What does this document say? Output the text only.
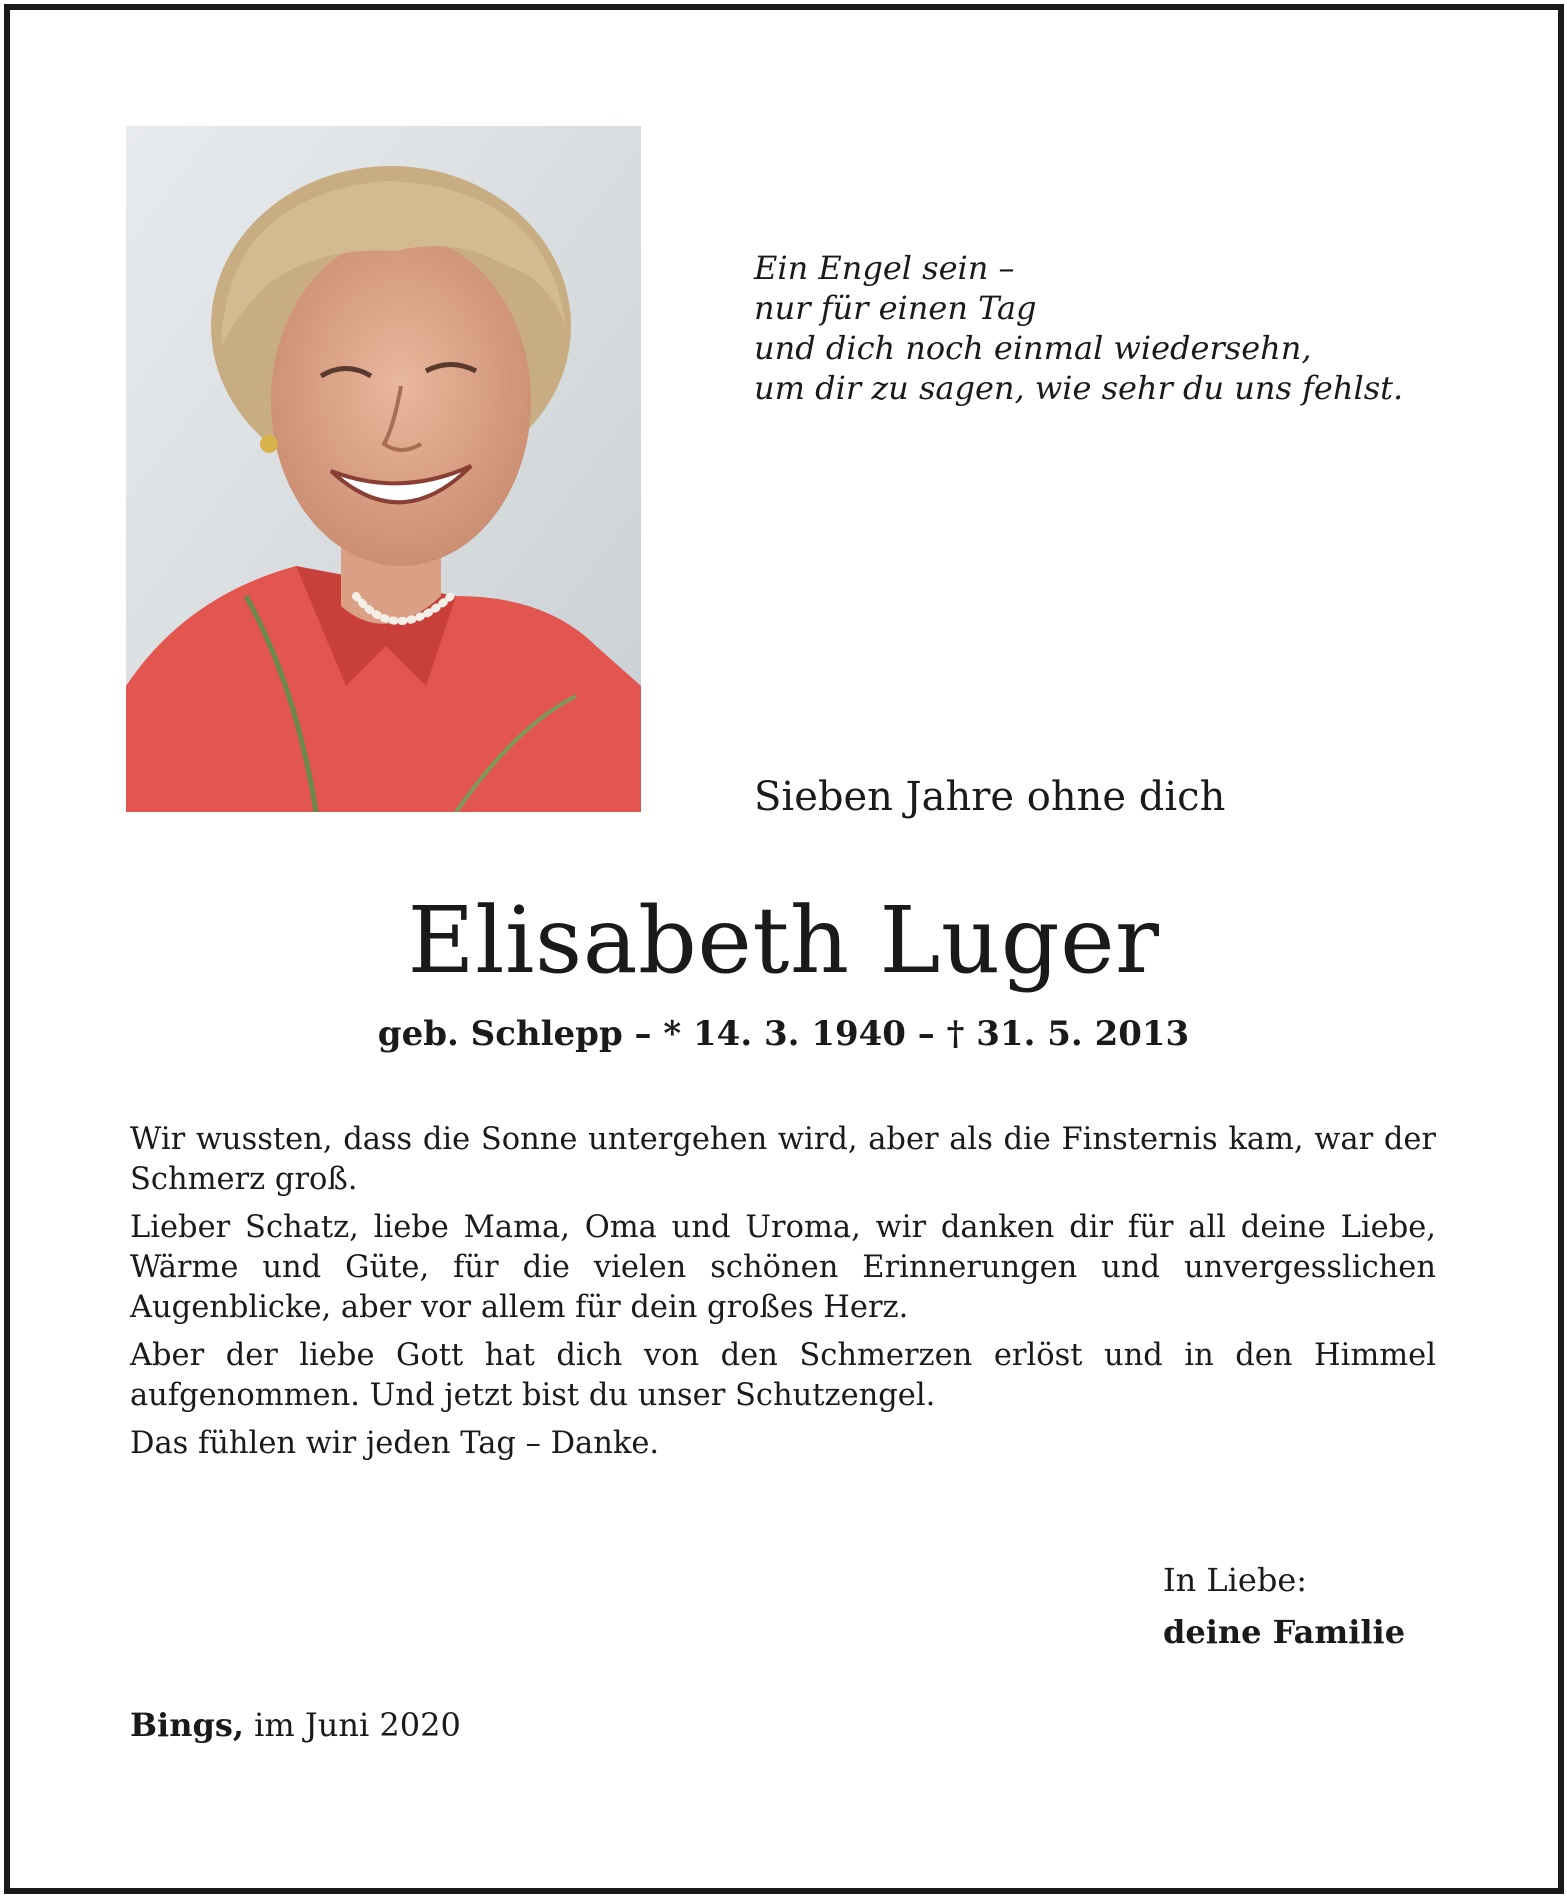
Ein Engel sein –
nur für einen Tag
und dich noch einmal wiedersehn,
um dir zu sagen, wie sehr du uns fehlst.
Sieben Jahre ohne dich
Elisabeth Luger
geb. Schlepp – * 14. 3. 1940 – † 31. 5. 2013

Wir wussten, dass die Sonne untergehen wird, aber als die Finsternis kam, war der Schmerz groß.

Lieber Schatz, liebe Mama, Oma und Uroma, wir danken dir für all deine Liebe, Wärme und Güte, für die vielen schönen Erinnerungen und unvergesslichen Augenblicke, aber vor allem für dein großes Herz.

Aber der liebe Gott hat dich von den Schmerzen erlöst und in den Himmel aufgenommen. Und jetzt bist du unser Schutzengel.

Das fühlen wir jeden Tag – Danke.

In Liebe:
deine Familie
Bings, im Juni 2020
